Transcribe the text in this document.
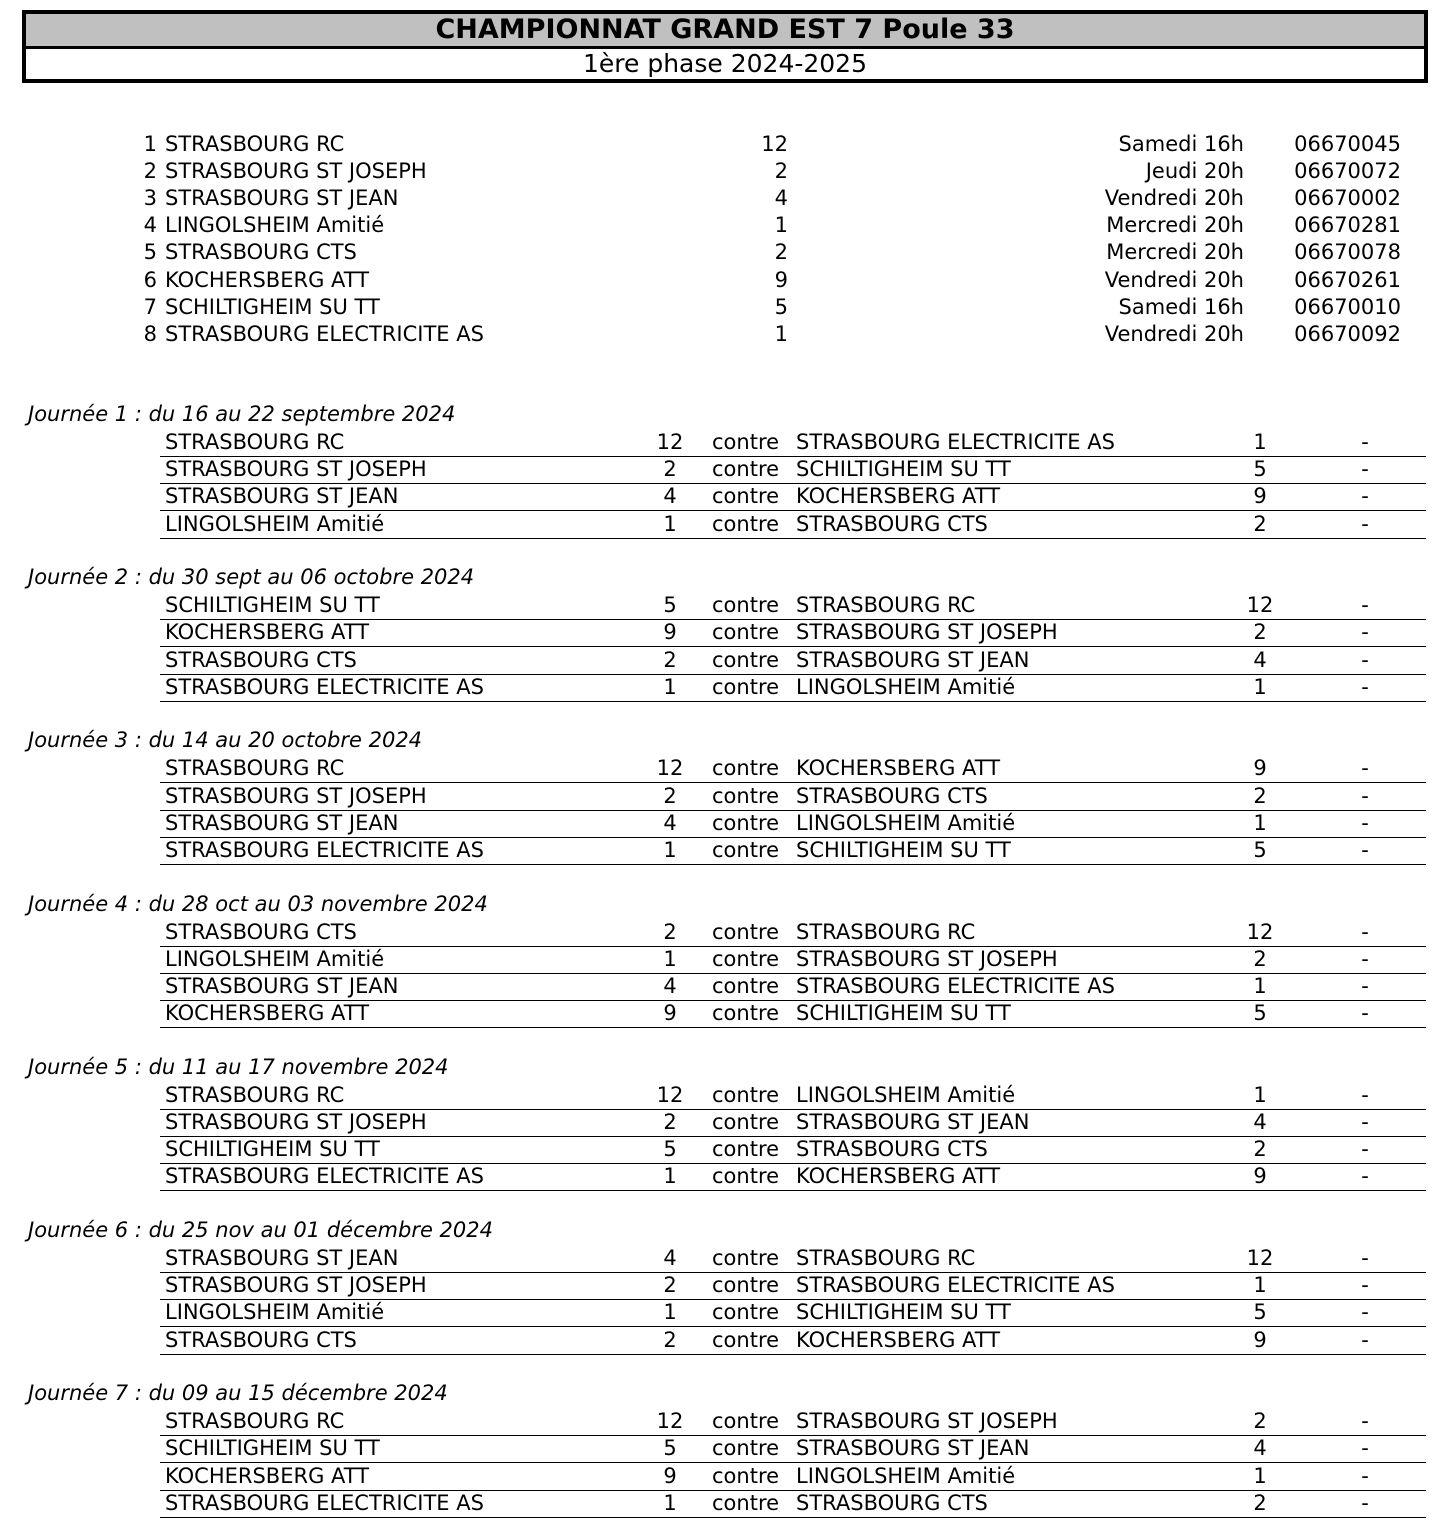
CHAMPIONNAT GRAND EST 7 Poule 33
1ère phase 2024-2025
1 STRASBOURG RC	12	Samedi 16h	06670045
2 STRASBOURG ST JOSEPH	2	Jeudi 20h	06670072
3 STRASBOURG ST JEAN	4	Vendredi 20h	06670002
4 LINGOLSHEIM Amitié	1	Mercredi 20h	06670281
5 STRASBOURG CTS	2	Mercredi 20h	06670078
6 KOCHERSBERG ATT	9	Vendredi 20h	06670261
7 SCHILTIGHEIM SU TT	5	Samedi 16h	06670010
8 STRASBOURG ELECTRICITE AS	1	Vendredi 20h	06670092
Journée 1 : du 16 au 22 septembre 2024
STRASBOURG RC	12	contre STRASBOURG ELECTRICITE AS	1	-
STRASBOURG ST JOSEPH	2	contre SCHILTIGHEIM SU TT	5	-
STRASBOURG ST JEAN	4	contre KOCHERSBERG ATT	9	-
LINGOLSHEIM Amitié	1	contre STRASBOURG CTS	2	-
Journée 2 : du 30 sept au 06 octobre 2024
SCHILTIGHEIM SU TT	5	contre STRASBOURG RC	12	-
KOCHERSBERG ATT	9	contre STRASBOURG ST JOSEPH	2	-
STRASBOURG CTS	2	contre STRASBOURG ST JEAN	4	-
STRASBOURG ELECTRICITE AS	1	contre LINGOLSHEIM Amitié	1	-
Journée 3 : du 14 au 20 octobre 2024
STRASBOURG RC	12	contre KOCHERSBERG ATT	9	-
STRASBOURG ST JOSEPH	2	contre STRASBOURG CTS	2	-
STRASBOURG ST JEAN	4	contre LINGOLSHEIM Amitié	1	-
STRASBOURG ELECTRICITE AS	1	contre SCHILTIGHEIM SU TT	5	-
Journée 4 : du 28 oct au 03 novembre 2024
STRASBOURG CTS	2	contre STRASBOURG RC	12	-
LINGOLSHEIM Amitié	1	contre STRASBOURG ST JOSEPH	2	-
STRASBOURG ST JEAN	4	contre STRASBOURG ELECTRICITE AS	1	-
KOCHERSBERG ATT	9	contre SCHILTIGHEIM SU TT	5	-
Journée 5 : du 11 au 17 novembre 2024
STRASBOURG RC	12	contre LINGOLSHEIM Amitié	1	-
STRASBOURG ST JOSEPH	2	contre STRASBOURG ST JEAN	4	-
SCHILTIGHEIM SU TT	5	contre STRASBOURG CTS	2	-
STRASBOURG ELECTRICITE AS	1	contre KOCHERSBERG ATT	9	-
Journée 6 : du 25 nov au 01 décembre 2024
STRASBOURG ST JEAN	4	contre STRASBOURG RC	12	-
STRASBOURG ST JOSEPH	2	contre STRASBOURG ELECTRICITE AS	1	-
LINGOLSHEIM Amitié	1	contre SCHILTIGHEIM SU TT	5	-
STRASBOURG CTS	2	contre KOCHERSBERG ATT	9	-
Journée 7 : du 09 au 15 décembre 2024
STRASBOURG RC	12	contre STRASBOURG ST JOSEPH	2	-
SCHILTIGHEIM SU TT	5	contre STRASBOURG ST JEAN	4	-
KOCHERSBERG ATT	9	contre LINGOLSHEIM Amitié	1	-
STRASBOURG ELECTRICITE AS	1	contre STRASBOURG CTS	2	-
